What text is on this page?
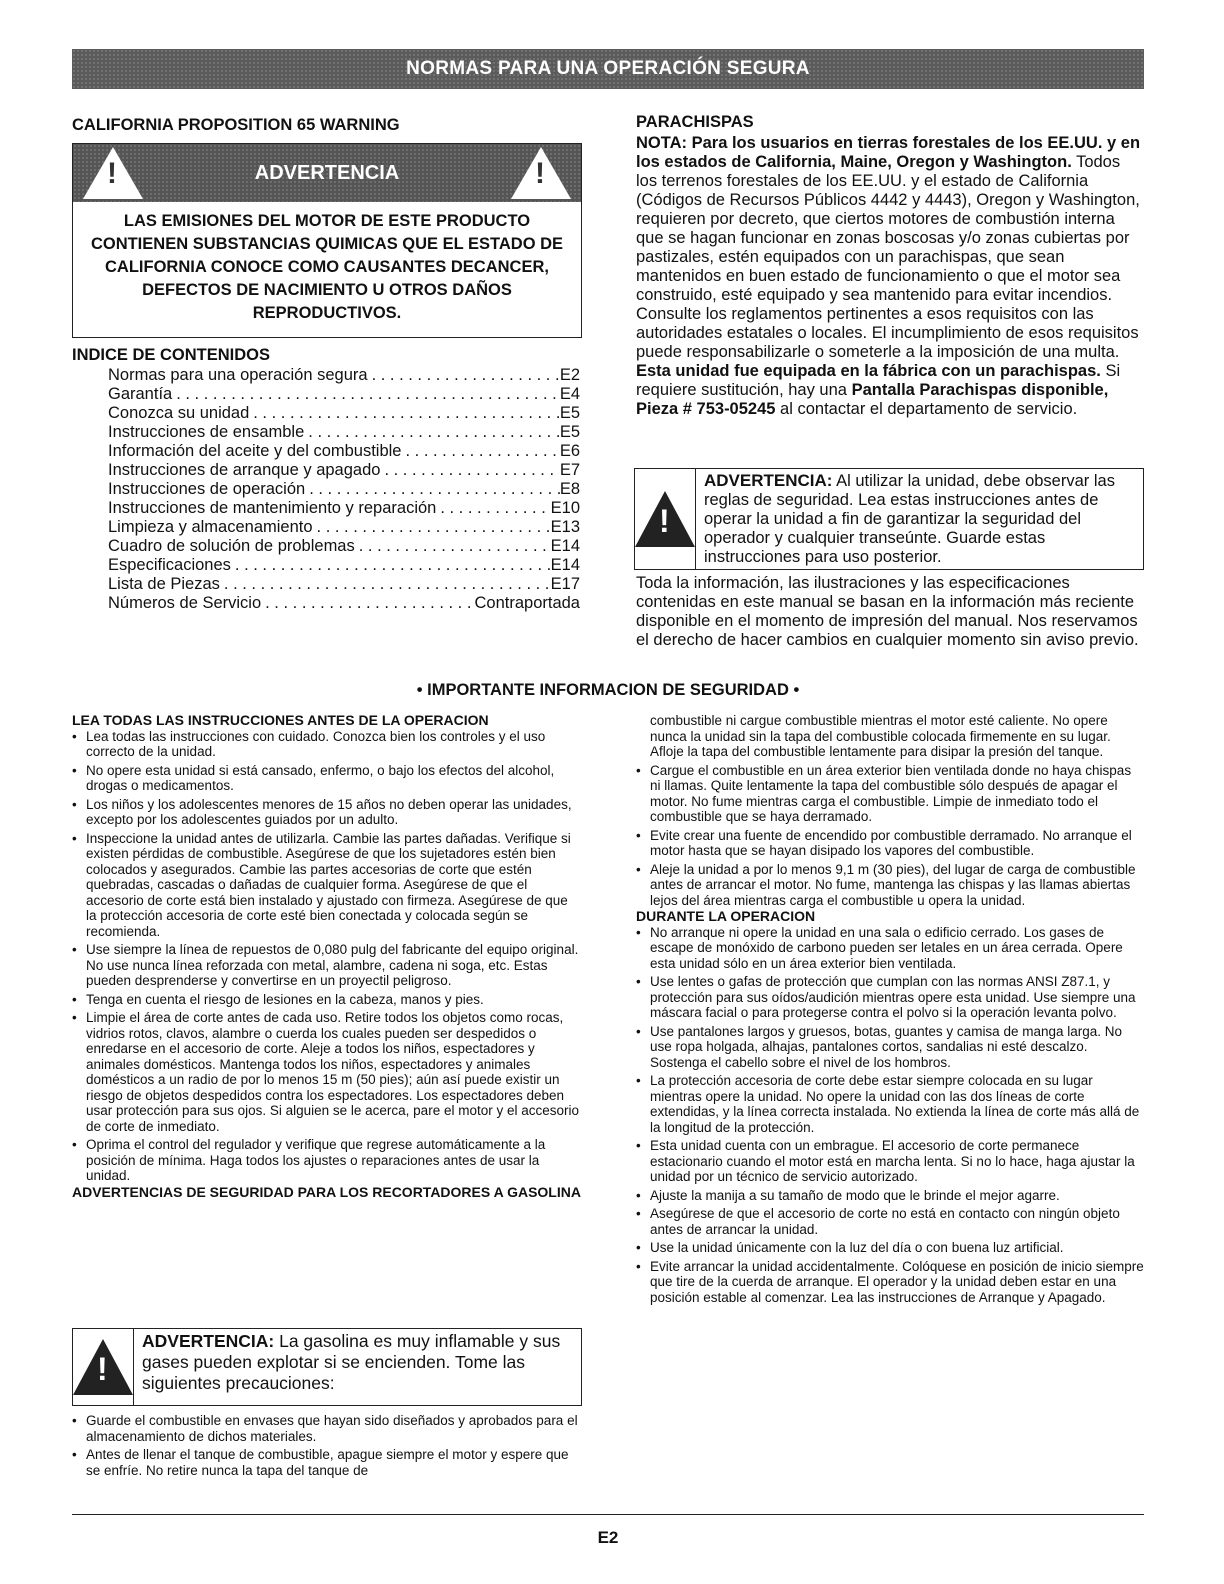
NORMAS PARA UNA OPERACIÓN SEGURA

CALIFORNIA PROPOSITION 65 WARNING

!
ADVERTENCIA
!
LAS EMISIONES DEL MOTOR DE ESTE PRODUCTO CONTIENEN SUBSTANCIAS QUIMICAS QUE EL ESTADO DE CALIFORNIA CONOCE COMO CAUSANTES DECANCER, DEFECTOS DE NACIMIENTO U OTROS DAÑOS REPRODUCTIVOS.

INDICE DE CONTENIDOS

Normas para una operación segura . . .	E2
Garantía . . .	E4
Conozca su unidad . . .	E5
Instrucciones de ensamble . . .	E5
Información del aceite y del combustible . . .	E6
Instrucciones de arranque y apagado . . .	E7
Instrucciones de operación . . .	E8
Instrucciones de mantenimiento y reparación . . .	E10
Limpieza y almacenamiento . . .	E13
Cuadro de solución de problemas . . .	E14
Especificaciones . . .	E14
Lista de Piezas . . .	E17
Números de Servicio . . .	Contraportada

PARACHISPAS

NOTA: Para los usuarios en tierras forestales de los EE.UU. y en los estados de California, Maine, Oregon y Washington. Todos los terrenos forestales de los EE.UU. y el estado de California (Códigos de Recursos Públicos 4442 y 4443), Oregon y Washington, requieren por decreto, que ciertos motores de combustión interna que se hagan funcionar en zonas boscosas y/o zonas cubiertas por pastizales, estén equipados con un parachispas, que sean mantenidos en buen estado de funcionamiento o que el motor sea construido, esté equipado y sea mantenido para evitar incendios. Consulte los reglamentos pertinentes a esos requisitos con las autoridades estatales o locales. El incumplimiento de esos requisitos puede responsabilizarle o someterle a la imposición de una multa.

Esta unidad fue equipada en la fábrica con un parachispas. Si requiere sustitución, hay una Pantalla Parachispas disponible, Pieza # 753-05245 al contactar el departamento de servicio.

!
ADVERTENCIA: Al utilizar la unidad, debe observar las reglas de seguridad. Lea estas instrucciones antes de operar la unidad a fin de garantizar la seguridad del operador y cualquier transeúnte. Guarde estas instrucciones para uso posterior.

Toda la información, las ilustraciones y las especificaciones contenidas en este manual se basan en la información más reciente disponible en el momento de impresión del manual. Nos reservamos el derecho de hacer cambios en cualquier momento sin aviso previo.

• IMPORTANTE INFORMACION DE SEGURIDAD •

LEA TODAS LAS INSTRUCCIONES ANTES DE LA OPERACION

• Lea todas las instrucciones con cuidado. Conozca bien los controles y el uso correcto de la unidad.
• No opere esta unidad si está cansado, enfermo, o bajo los efectos del alcohol, drogas o medicamentos.
• Los niños y los adolescentes menores de 15 años no deben operar las unidades, excepto por los adolescentes guiados por un adulto.
• Inspeccione la unidad antes de utilizarla. Cambie las partes dañadas. Verifique si existen pérdidas de combustible. Asegúrese de que los sujetadores estén bien colocados y asegurados. Cambie las partes accesorias de corte que estén quebradas, cascadas o dañadas de cualquier forma. Asegúrese de que el accesorio de corte está bien instalado y ajustado con firmeza. Asegúrese de que la protección accesoria de corte esté bien conectada y colocada según se recomienda.
• Use siempre la línea de repuestos de 0,080 pulg del fabricante del equipo original. No use nunca línea reforzada con metal, alambre, cadena ni soga, etc. Estas pueden desprenderse y convertirse en un proyectil peligroso.
• Tenga en cuenta el riesgo de lesiones en la cabeza, manos y pies.
• Limpie el área de corte antes de cada uso. Retire todos los objetos como rocas, vidrios rotos, clavos, alambre o cuerda los cuales pueden ser despedidos o enredarse en el accesorio de corte. Aleje a todos los niños, espectadores y animales domésticos. Mantenga todos los niños, espectadores y animales domésticos a un radio de por lo menos 15 m (50 pies); aún así puede existir un riesgo de objetos despedidos contra los espectadores. Los espectadores deben usar protección para sus ojos. Si alguien se le acerca, pare el motor y el accesorio de corte de inmediato.
• Oprima el control del regulador y verifique que regrese automáticamente a la posición de mínima. Haga todos los ajustes o reparaciones antes de usar la unidad.

ADVERTENCIAS DE SEGURIDAD PARA LOS RECORTADORES A GASOLINA

!
ADVERTENCIA: La gasolina es muy inflamable y sus gases pueden explotar si se encienden. Tome las siguientes precauciones:
• Guarde el combustible en envases que hayan sido diseñados y aprobados para el almacenamiento de dichos materiales.
• Antes de llenar el tanque de combustible, apague siempre el motor y espere que se enfríe. No retire nunca la tapa del tanque de

combustible ni cargue combustible mientras el motor esté caliente. No opere nunca la unidad sin la tapa del combustible colocada firmemente en su lugar. Afloje la tapa del combustible lentamente para disipar la presión del tanque.

• Cargue el combustible en un área exterior bien ventilada donde no haya chispas ni llamas. Quite lentamente la tapa del combustible sólo después de apagar el motor. No fume mientras carga el combustible. Limpie de inmediato todo el combustible que se haya derramado.
• Evite crear una fuente de encendido por combustible derramado. No arranque el motor hasta que se hayan disipado los vapores del combustible.
• Aleje la unidad a por lo menos 9,1 m (30 pies), del lugar de carga de combustible antes de arrancar el motor. No fume, mantenga las chispas y las llamas abiertas lejos del área mientras carga el combustible u opera la unidad.

DURANTE LA OPERACION

• No arranque ni opere la unidad en una sala o edificio cerrado. Los gases de escape de monóxido de carbono pueden ser letales en un área cerrada. Opere esta unidad sólo en un área exterior bien ventilada.
• Use lentes o gafas de protección que cumplan con las normas ANSI Z87.1, y protección para sus oídos/audición mientras opere esta unidad. Use siempre una máscara facial o para protegerse contra el polvo si la operación levanta polvo.
• Use pantalones largos y gruesos, botas, guantes y camisa de manga larga. No use ropa holgada, alhajas, pantalones cortos, sandalias ni esté descalzo. Sostenga el cabello sobre el nivel de los hombros.
• La protección accesoria de corte debe estar siempre colocada en su lugar mientras opere la unidad. No opere la unidad con las dos líneas de corte extendidas, y la línea correcta instalada. No extienda la línea de corte más allá de la longitud de la protección.
• Esta unidad cuenta con un embrague. El accesorio de corte permanece estacionario cuando el motor está en marcha lenta. Si no lo hace, haga ajustar la unidad por un técnico de servicio autorizado.
• Ajuste la manija a su tamaño de modo que le brinde el mejor agarre.
• Asegúrese de que el accesorio de corte no está en contacto con ningún objeto antes de arrancar la unidad.
• Use la unidad únicamente con la luz del día o con buena luz artificial.
• Evite arrancar la unidad accidentalmente. Colóquese en posición de inicio siempre que tire de la cuerda de arranque. El operador y la unidad deben estar en una posición estable al comenzar. Lea las instrucciones de Arranque y Apagado.
E2
